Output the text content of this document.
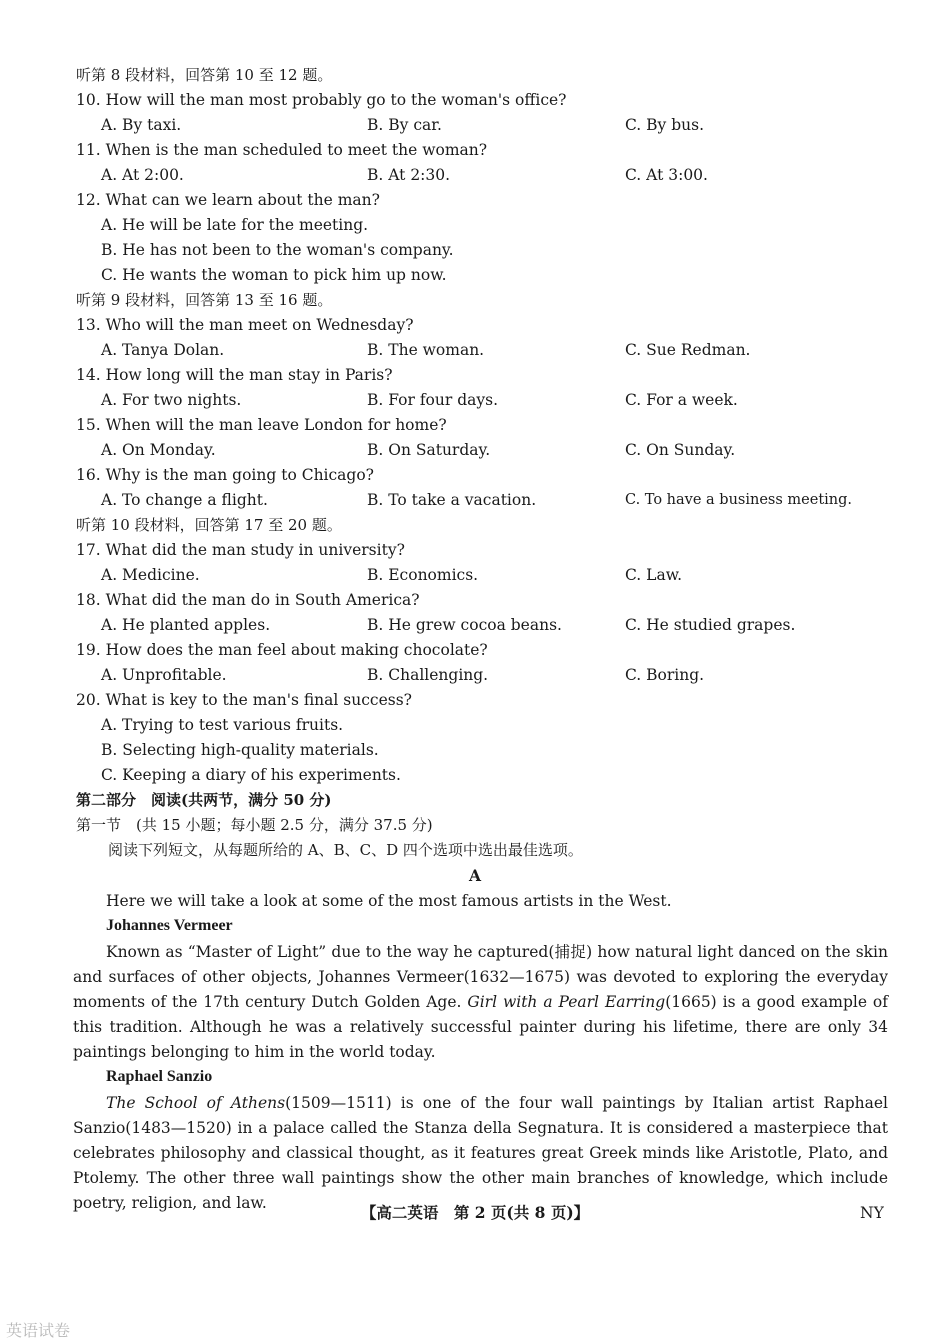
听第 8 段材料，回答第 10 至 12 题。
10. How will the man most probably go to the woman's office?
A. By taxi.	B. By car.	C. By bus.
11. When is the man scheduled to meet the woman?
A. At 2:00.	B. At 2:30.	C. At 3:00.
12. What can we learn about the man?
A. He will be late for the meeting.
B. He has not been to the woman's company.
C. He wants the woman to pick him up now.
听第 9 段材料，回答第 13 至 16 题。
13. Who will the man meet on Wednesday?
A. Tanya Dolan.	B. The woman.	C. Sue Redman.
14. How long will the man stay in Paris?
A. For two nights.	B. For four days.	C. For a week.
15. When will the man leave London for home?
A. On Monday.	B. On Saturday.	C. On Sunday.
16. Why is the man going to Chicago?
A. To change a flight.	B. To take a vacation.	C. To have a business meeting.
听第 10 段材料，回答第 17 至 20 题。
17. What did the man study in university?
A. Medicine.	B. Economics.	C. Law.
18. What did the man do in South America?
A. He planted apples.	B. He grew cocoa beans.	C. He studied grapes.
19. How does the man feel about making chocolate?
A. Unprofitable.	B. Challenging.	C. Boring.
20. What is key to the man's final success?
A. Trying to test various fruits.
B. Selecting high-quality materials.
C. Keeping a diary of his experiments.
第二部分　阅读(共两节，满分 50 分)
第一节　(共 15 小题；每小题 2.5 分，满分 37.5 分)
阅读下列短文，从每题所给的 A、B、C、D 四个选项中选出最佳选项。
A
Here we will take a look at some of the most famous artists in the West.
Johannes Vermeer
Known as “Master of Light” due to the way he captured(捕捉) how natural light danced on the skin and surfaces of other objects, Johannes Vermeer(1632—1675) was devoted to exploring the everyday moments of the 17th century Dutch Golden Age. Girl with a Pearl Earring(1665) is a good example of this tradition. Although he was a relatively successful painter during his lifetime, there are only 34 paintings belonging to him in the world today.
Raphael Sanzio
The School of Athens(1509—1511) is one of the four wall paintings by Italian artist Raphael Sanzio(1483—1520) in a palace called the Stanza della Segnatura. It is considered a masterpiece that celebrates philosophy and classical thought, as it features great Greek minds like Aristotle, Plato, and Ptolemy. The other three wall paintings show the other main branches of knowledge, which include poetry, religion, and law.	【高二英语　第 2 页(共 8 页)】	NY
英语试卷
